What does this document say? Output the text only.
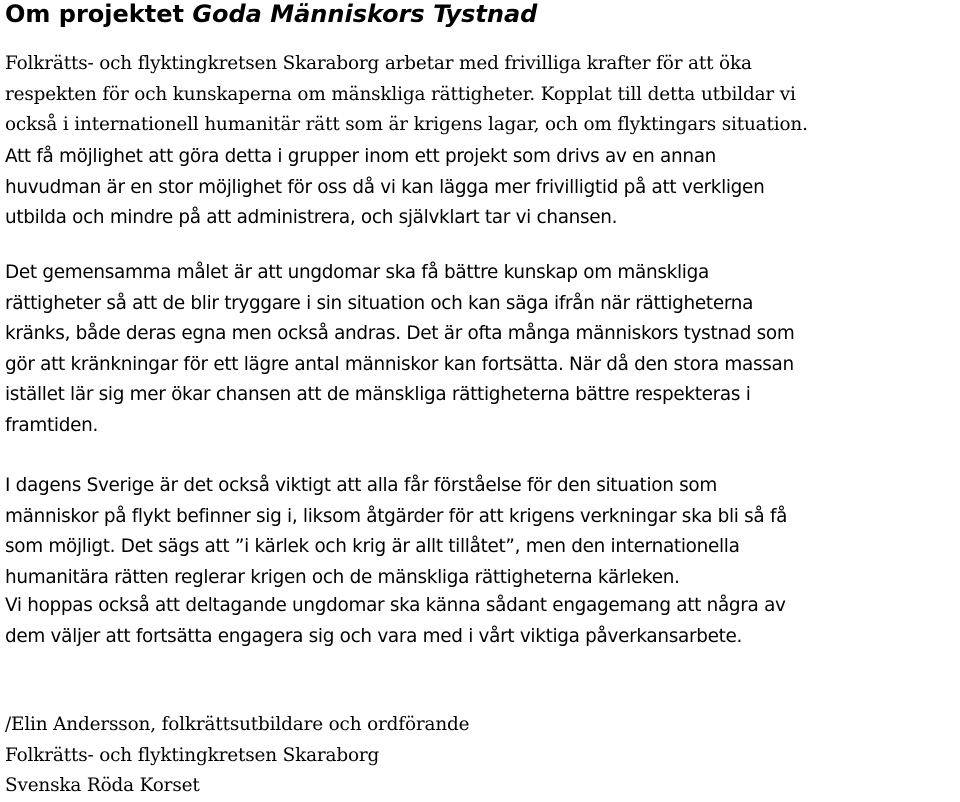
Om projektet Goda Människors Tystnad
Folkrätts- och flyktingkretsen Skaraborg arbetar med frivilliga krafter för att öka
respekten för och kunskaperna om mänskliga rättigheter. Kopplat till detta utbildar vi
också i internationell humanitär rätt som är krigens lagar, och om flyktingars situation.
Att få möjlighet att göra detta i grupper inom ett projekt som drivs av en annan
huvudman är en stor möjlighet för oss då vi kan lägga mer frivilligtid på att verkligen
utbilda och mindre på att administrera, och självklart tar vi chansen.
Det gemensamma målet är att ungdomar ska få bättre kunskap om mänskliga
rättigheter så att de blir tryggare i sin situation och kan säga ifrån när rättigheterna
kränks, både deras egna men också andras. Det är ofta många människors tystnad som
gör att kränkningar för ett lägre antal människor kan fortsätta. När då den stora massan
istället lär sig mer ökar chansen att de mänskliga rättigheterna bättre respekteras i
framtiden.
I dagens Sverige är det också viktigt att alla får förståelse för den situation som
människor på flykt befinner sig i, liksom åtgärder för att krigens verkningar ska bli så få
som möjligt. Det sägs att ”i kärlek och krig är allt tillåtet”, men den internationella
humanitära rätten reglerar krigen och de mänskliga rättigheterna kärleken.
Vi hoppas också att deltagande ungdomar ska känna sådant engagemang att några av
dem väljer att fortsätta engagera sig och vara med i vårt viktiga påverkansarbete.
/Elin Andersson, folkrättsutbildare och ordförande
Folkrätts- och flyktingkretsen Skaraborg
Svenska Röda Korset
